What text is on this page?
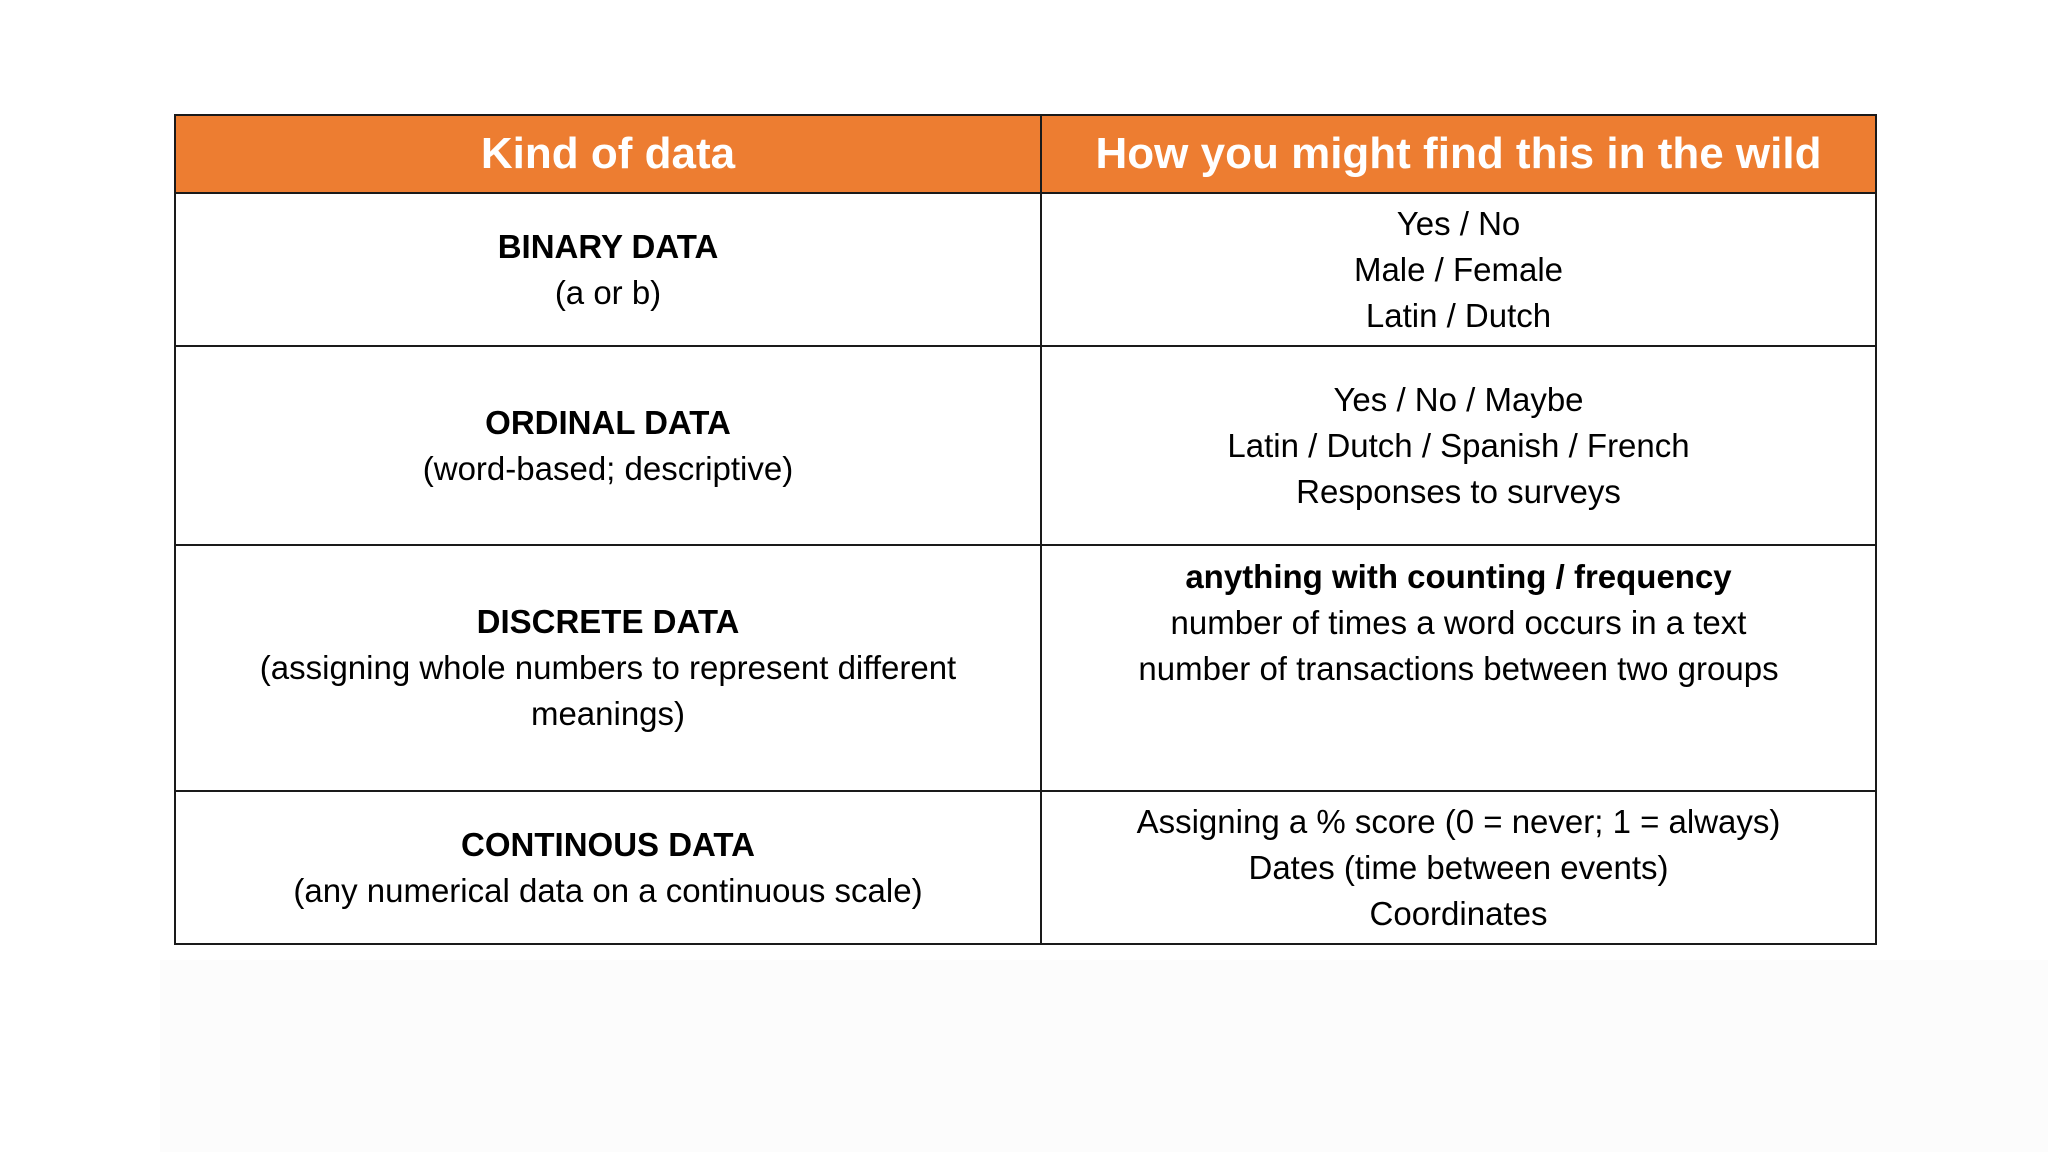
Kind of data	How you might find this in the wild

BINARY DATA
(a or b)	Yes / No
Male / Female
Latin / Dutch

ORDINAL DATA
(word-based; descriptive)	Yes / No / Maybe
Latin / Dutch / Spanish / French
Responses to surveys

DISCRETE DATA
(assigning whole numbers to represent different meanings)	anything with counting / frequency
number of times a word occurs in a text
number of transactions between two groups

CONTINOUS DATA
(any numerical data on a continuous scale)	Assigning a % score (0 = never; 1 = always)
Dates (time between events)
Coordinates
